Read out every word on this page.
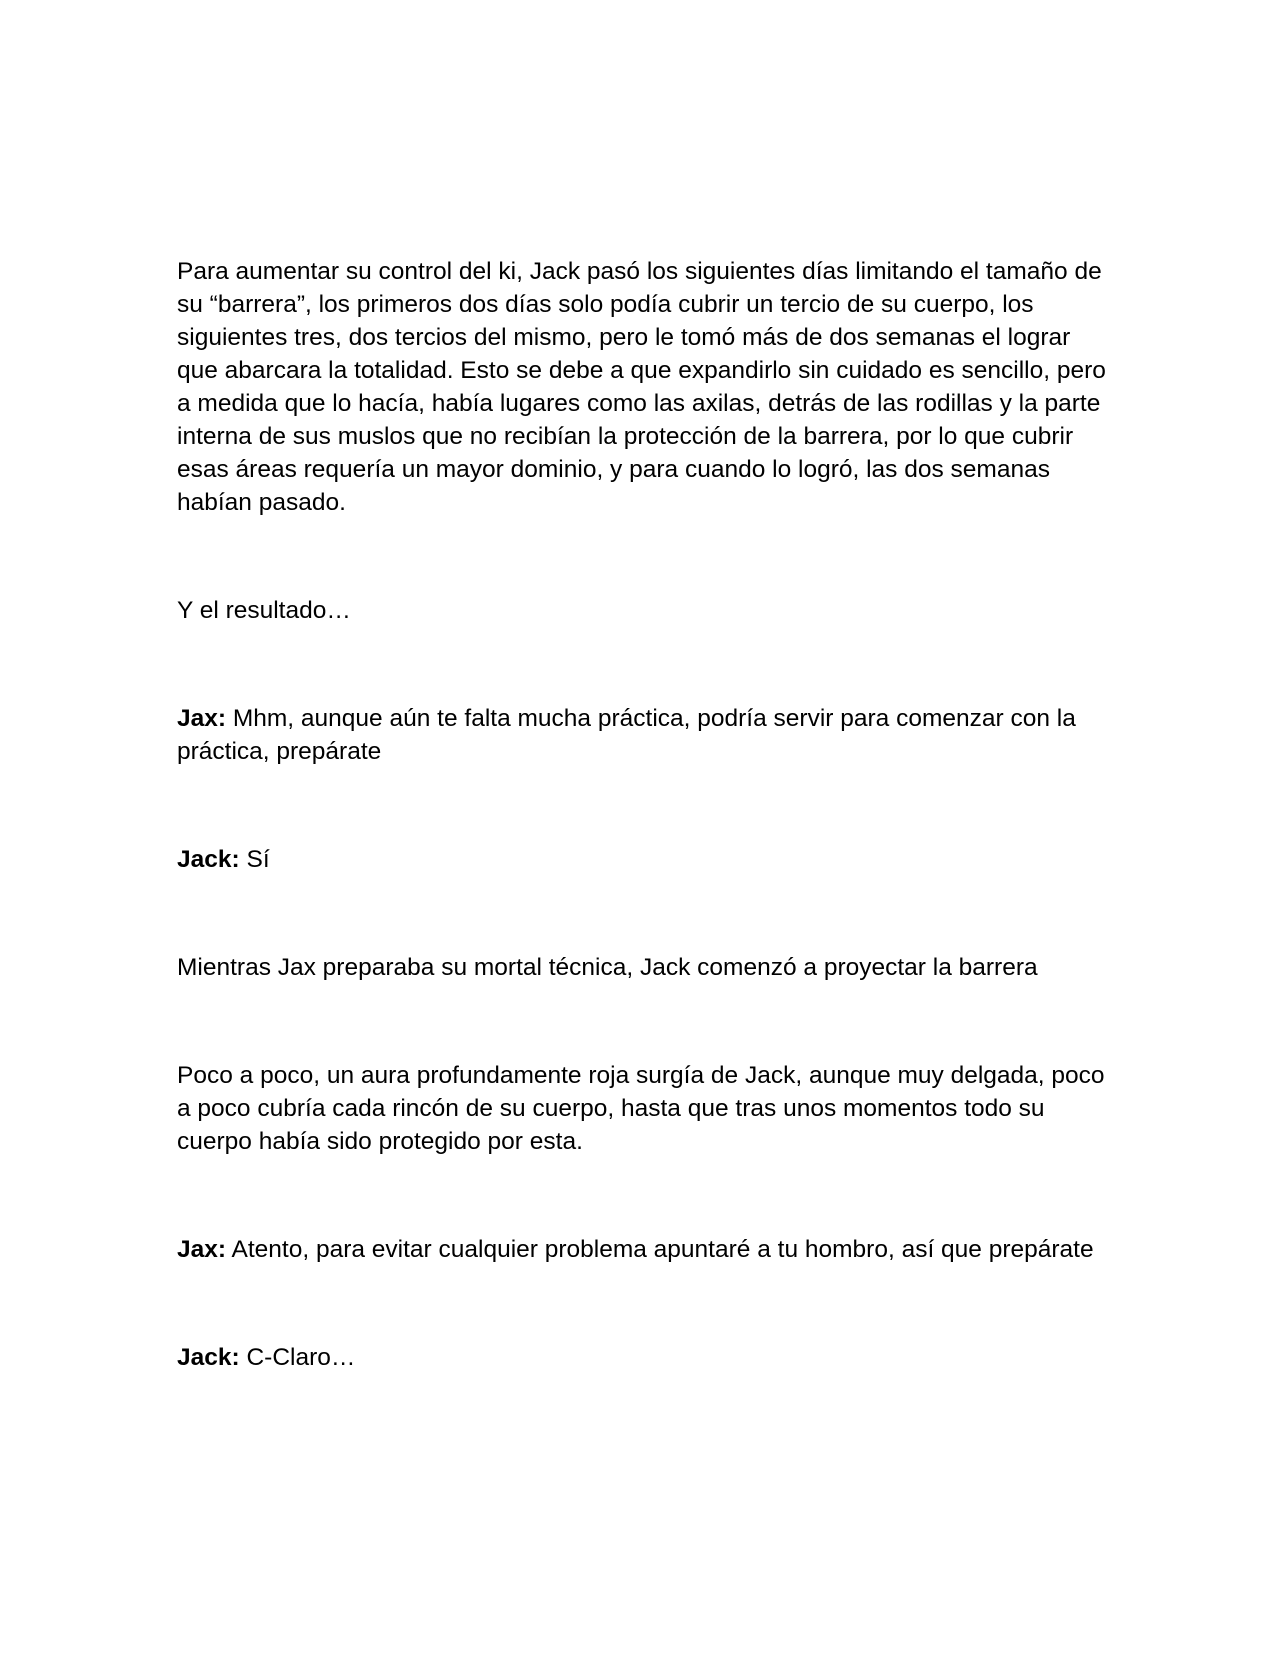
Para aumentar su control del ki, Jack pasó los siguientes días limitando el tamaño de su “barrera”, los primeros dos días solo podía cubrir un tercio de su cuerpo, los siguientes tres, dos tercios del mismo, pero le tomó más de dos semanas el lograr que abarcara la totalidad. Esto se debe a que expandirlo sin cuidado es sencillo, pero a medida que lo hacía, había lugares como las axilas, detrás de las rodillas y la parte interna de sus muslos que no recibían la protección de la barrera, por lo que cubrir esas áreas requería un mayor dominio, y para cuando lo logró, las dos semanas habían pasado.

Y el resultado…

Jax: Mhm, aunque aún te falta mucha práctica, podría servir para comenzar con la práctica, prepárate

Jack: Sí

Mientras Jax preparaba su mortal técnica, Jack comenzó a proyectar la barrera

Poco a poco, un aura profundamente roja surgía de Jack, aunque muy delgada, poco a poco cubría cada rincón de su cuerpo, hasta que tras unos momentos todo su cuerpo había sido protegido por esta.

Jax: Atento, para evitar cualquier problema apuntaré a tu hombro, así que prepárate

Jack: C-Claro…
